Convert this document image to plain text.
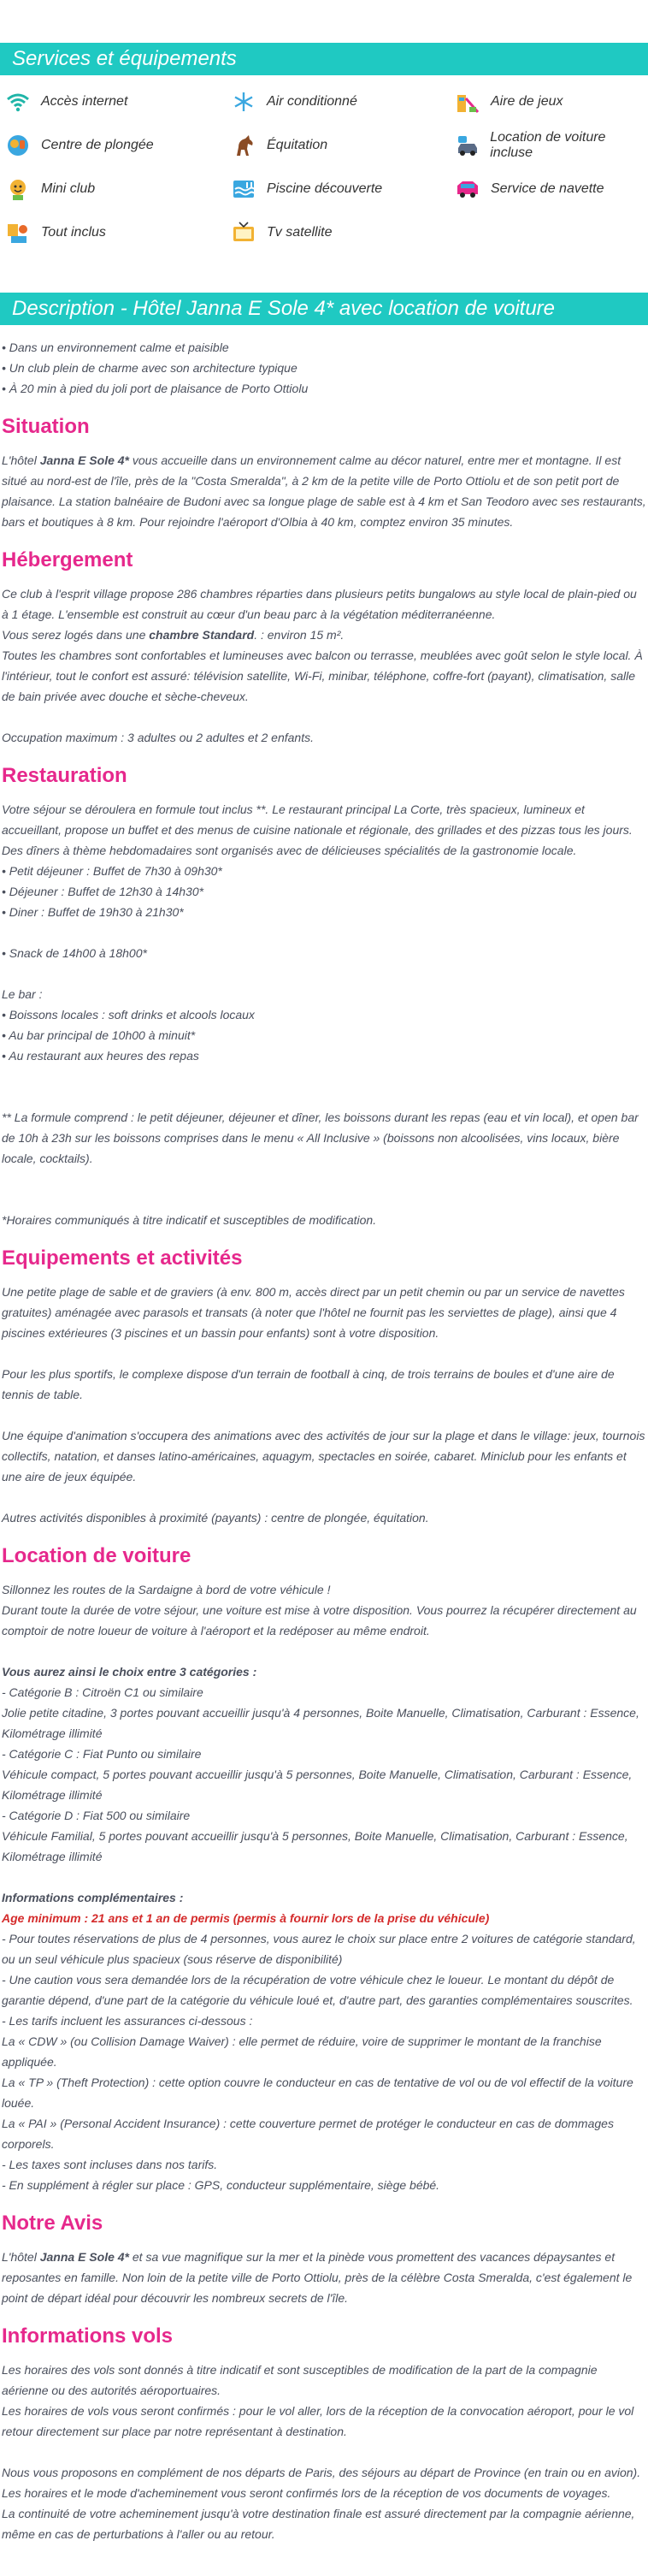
Services et équipements
Accès internet	Air conditionné	Aire de jeux
Centre de plongée	Équitation
Location de voiture incluse
Mini club	Piscine découverte	Service de navette
Tout inclus	Tv satellite
Description - Hôtel Janna E Sole 4* avec location de voiture

• Dans un environnement calme et paisible

• Un club plein de charme avec son architecture typique

• À 20 min à pied du joli port de plaisance de Porto Ottiolu

Situation

L'hôtel Janna E Sole 4* vous accueille dans un environnement calme au décor naturel, entre mer et montagne. Il est situé au nord-est de l'île, près de la "Costa Smeralda", à 2 km de la petite ville de Porto Ottiolu et de son petit port de plaisance. La station balnéaire de Budoni avec sa longue plage de sable est à 4 km et San Teodoro avec ses restaurants, bars et boutiques à 8 km. Pour rejoindre l'aéroport d'Olbia à 40 km, comptez environ 35 minutes.

Hébergement

Ce club à l'esprit village propose 286 chambres réparties dans plusieurs petits bungalows au style local de plain-pied ou à 1 étage. L'ensemble est construit au cœur d'un beau parc à la végétation méditerranéenne.

Vous serez logés dans une chambre Standard. : environ 15 m².

Toutes les chambres sont confortables et lumineuses avec balcon ou terrasse, meublées avec goût selon le style local. À l'intérieur, tout le confort est assuré: télévision satellite, Wi-Fi, minibar, téléphone, coffre-fort (payant), climatisation, salle de bain privée avec douche et sèche-cheveux.

Occupation maximum : 3 adultes ou 2 adultes et 2 enfants.

Restauration

Votre séjour se déroulera en formule tout inclus **. Le restaurant principal La Corte, très spacieux, lumineux et accueillant, propose un buffet et des menus de cuisine nationale et régionale, des grillades et des pizzas tous les jours. Des dîners à thème hebdomadaires sont organisés avec de délicieuses spécialités de la gastronomie locale.

• Petit déjeuner : Buffet de 7h30 à 09h30*

• Déjeuner : Buffet de 12h30 à 14h30*

• Diner : Buffet de 19h30 à 21h30*

• Snack de 14h00 à 18h00*

Le bar :

• Boissons locales : soft drinks et alcools locaux

• Au bar principal de 10h00 à minuit*

• Au restaurant aux heures des repas

** La formule comprend : le petit déjeuner, déjeuner et dîner, les boissons durant les repas (eau et vin local), et open bar de 10h à 23h sur les boissons comprises dans le menu « All Inclusive » (boissons non alcoolisées, vins locaux, bière locale, cocktails).

*Horaires communiqués à titre indicatif et susceptibles de modification.

Equipements et activités

Une petite plage de sable et de graviers (à env. 800 m, accès direct par un petit chemin ou par un service de navettes gratuites) aménagée avec parasols et transats (à noter que l'hôtel ne fournit pas les serviettes de plage), ainsi que 4 piscines extérieures (3 piscines et un bassin pour enfants) sont à votre disposition.

Pour les plus sportifs, le complexe dispose d'un terrain de football à cinq, de trois terrains de boules et d'une aire de tennis de table.

Une équipe d'animation s'occupera des animations avec des activités de jour sur la plage et dans le village: jeux, tournois collectifs, natation, et danses latino-américaines, aquagym, spectacles en soirée, cabaret. Miniclub pour les enfants et une aire de jeux équipée.

Autres activités disponibles à proximité (payants) : centre de plongée, équitation.

Location de voiture

Sillonnez les routes de la Sardaigne à bord de votre véhicule !

Durant toute la durée de votre séjour, une voiture est mise à votre disposition. Vous pourrez la récupérer directement au comptoir de notre loueur de voiture à l'aéroport et la redéposer au même endroit.

Vous aurez ainsi le choix entre 3 catégories :

- Catégorie B : Citroën C1 ou similaire

Jolie petite citadine, 3 portes pouvant accueillir jusqu'à 4 personnes, Boite Manuelle, Climatisation, Carburant : Essence, Kilométrage illimité

- Catégorie C : Fiat Punto ou similaire

Véhicule compact, 5 portes pouvant accueillir jusqu'à 5 personnes, Boite Manuelle, Climatisation, Carburant : Essence, Kilométrage illimité

- Catégorie D : Fiat 500 ou similaire

Véhicule Familial, 5 portes pouvant accueillir jusqu'à 5 personnes, Boite Manuelle, Climatisation, Carburant : Essence, Kilométrage illimité

Informations complémentaires :

Age minimum : 21 ans et 1 an de permis (permis à fournir lors de la prise du véhicule)

- Pour toutes réservations de plus de 4 personnes, vous aurez le choix sur place entre 2 voitures de catégorie standard, ou un seul véhicule plus spacieux (sous réserve de disponibilité)

- Une caution vous sera demandée lors de la récupération de votre véhicule chez le loueur. Le montant du dépôt de garantie dépend, d'une part de la catégorie du véhicule loué et, d'autre part, des garanties complémentaires souscrites.

- Les tarifs incluent les assurances ci-dessous :

La « CDW » (ou Collision Damage Waiver) : elle permet de réduire, voire de supprimer le montant de la franchise appliquée.

La « TP » (Theft Protection) : cette option couvre le conducteur en cas de tentative de vol ou de vol effectif de la voiture louée.

La « PAI » (Personal Accident Insurance) : cette couverture permet de protéger le conducteur en cas de dommages corporels.

- Les taxes sont incluses dans nos tarifs.

- En supplément à régler sur place : GPS, conducteur supplémentaire, siège bébé.

Notre Avis

L'hôtel Janna E Sole 4* et sa vue magnifique sur la mer et la pinède vous promettent des vacances dépaysantes et reposantes en famille. Non loin de la petite ville de Porto Ottiolu, près de la célèbre Costa Smeralda, c'est également le point de départ idéal pour découvrir les nombreux secrets de l'île.

Informations vols

Les horaires des vols sont donnés à titre indicatif et sont susceptibles de modification de la part de la compagnie aérienne ou des autorités aéroportuaires.

Les horaires de vols vous seront confirmés : pour le vol aller, lors de la réception de la convocation aéroport, pour le vol retour directement sur place par notre représentant à destination.

Nous vous proposons en complément de nos départs de Paris, des séjours au départ de Province (en train ou en avion).

Les horaires et le mode d'acheminement vous seront confirmés lors de la réception de vos documents de voyages.

La continuité de votre acheminement jusqu'à votre destination finale est assuré directement par la compagnie aérienne, même en cas de perturbations à l'aller ou au retour.
